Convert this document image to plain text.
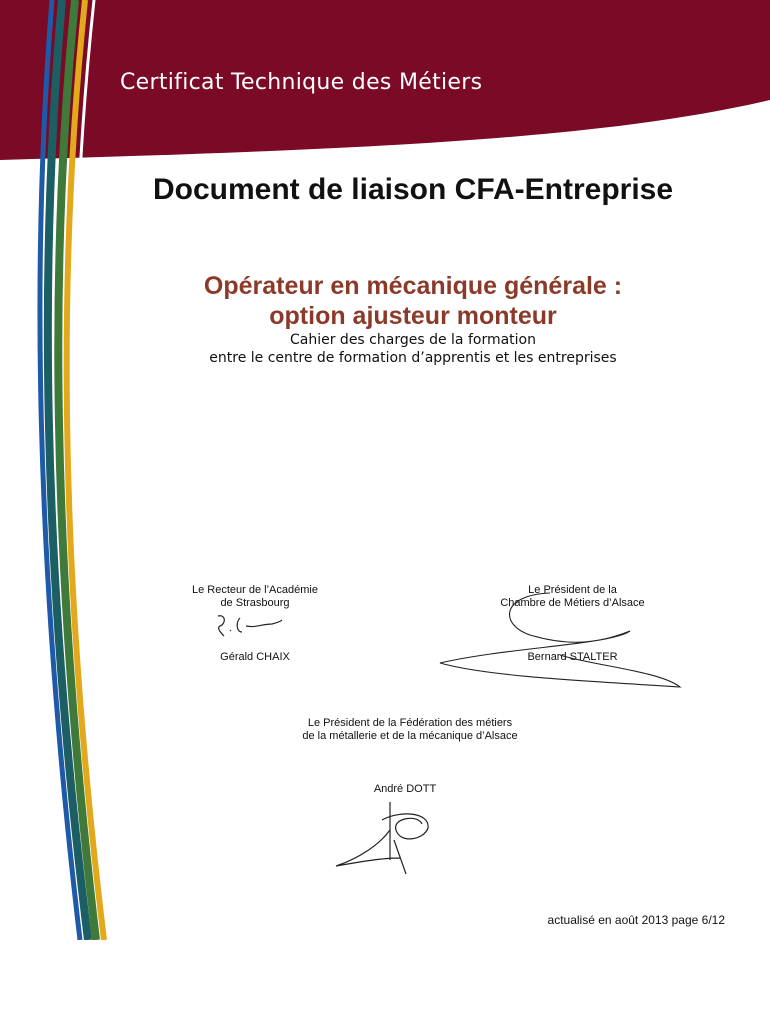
Certificat Technique des Métiers
Document de liaison CFA-Entreprise
Opérateur en mécanique générale :
option ajusteur monteur
Cahier des charges de la formation
entre le centre de formation d’apprentis et les entreprises
Le Recteur de l’Académie
de Strasbourg
Gérald CHAIX
Le Président de la
Chambre de Métiers d’Alsace
Bernard STALTER
Le Président de la Fédération des métiers
de la métallerie et de la mécanique d’Alsace
André DOTT
actualisé en août 2013 page 6/12
